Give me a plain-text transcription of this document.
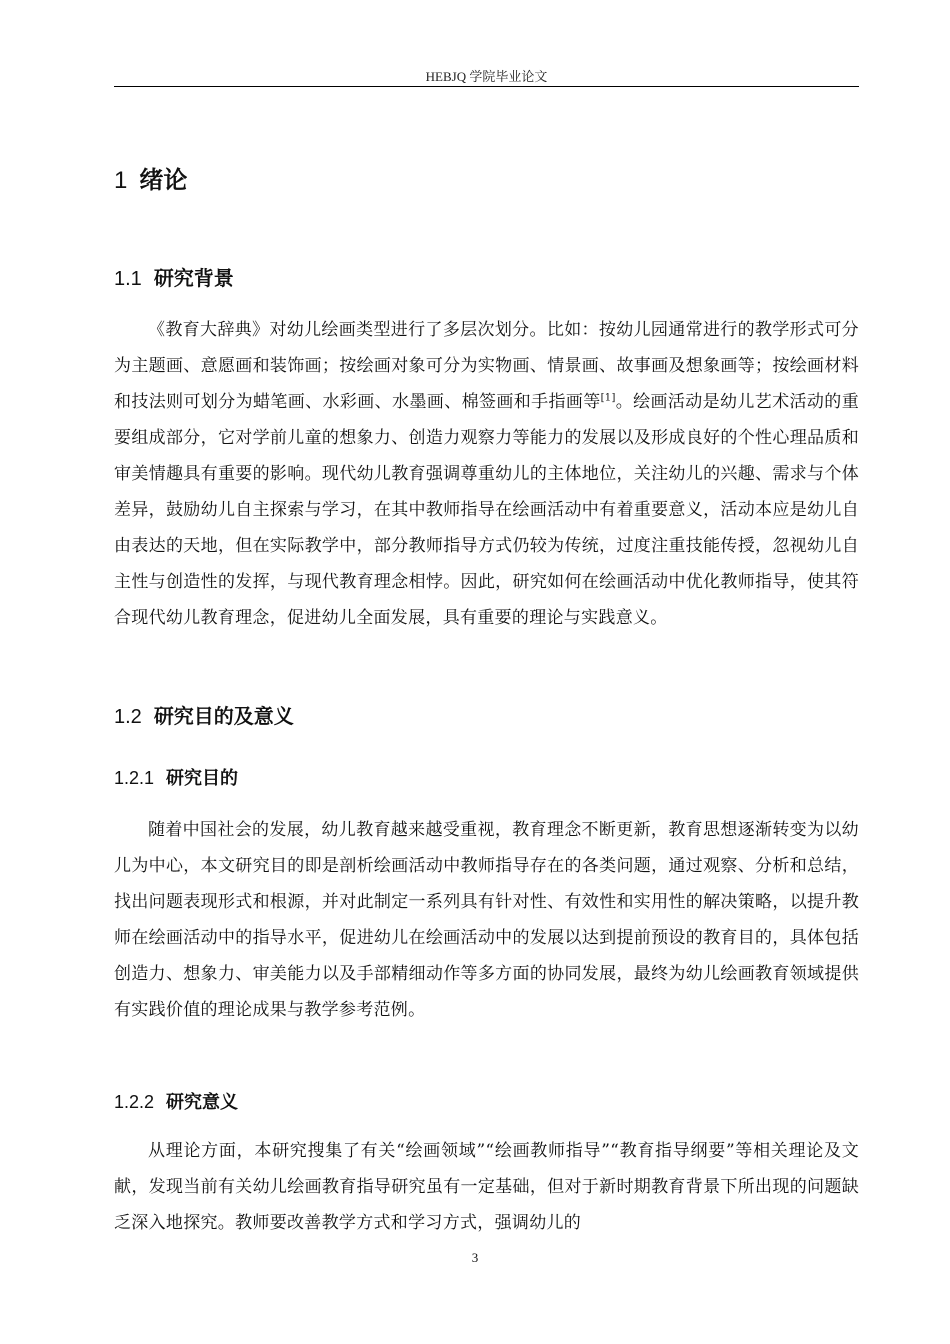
HEBJQ 学院毕业论文
1 绪论
1.1 研究背景

《教育大辞典》对幼儿绘画类型进行了多层次划分。比如：按幼儿园通常进行的教学形式可分为主题画、意愿画和装饰画；按绘画对象可分为实物画、情景画、故事画及想象画等；按绘画材料和技法则可划分为蜡笔画、水彩画、水墨画、棉签画和手指画等[1]。绘画活动是幼儿艺术活动的重要组成部分，它对学前儿童的想象力、创造力观察力等能力的发展以及形成良好的个性心理品质和审美情趣具有重要的影响。现代幼儿教育强调尊重幼儿的主体地位，关注幼儿的兴趣、需求与个体差异，鼓励幼儿自主探索与学习，在其中教师指导在绘画活动中有着重要意义，活动本应是幼儿自由表达的天地，但在实际教学中，部分教师指导方式仍较为传统，过度注重技能传授，忽视幼儿自主性与创造性的发挥，与现代教育理念相悖。因此，研究如何在绘画活动中优化教师指导，使其符合现代幼儿教育理念，促进幼儿全面发展，具有重要的理论与实践意义。

1.2 研究目的及意义
1.2.1 研究目的

随着中国社会的发展，幼儿教育越来越受重视，教育理念不断更新，教育思想逐渐转变为以幼儿为中心，本文研究目的即是剖析绘画活动中教师指导存在的各类问题，通过观察、分析和总结，找出问题表现形式和根源，并对此制定一系列具有针对性、有效性和实用性的解决策略，以提升教师在绘画活动中的指导水平，促进幼儿在绘画活动中的发展以达到提前预设的教育目的，具体包括创造力、想象力、审美能力以及手部精细动作等多方面的协同发展，最终为幼儿绘画教育领域提供有实践价值的理论成果与教学参考范例。

1.2.2 研究意义

从理论方面，本研究搜集了有关“绘画领域”“绘画教师指导”“教育指导纲要”等相关理论及文献，发现当前有关幼儿绘画教育指导研究虽有一定基础，但对于新时期教育背景下所出现的问题缺乏深入地探究。教师要改善教学方式和学习方式，强调幼儿的

3
